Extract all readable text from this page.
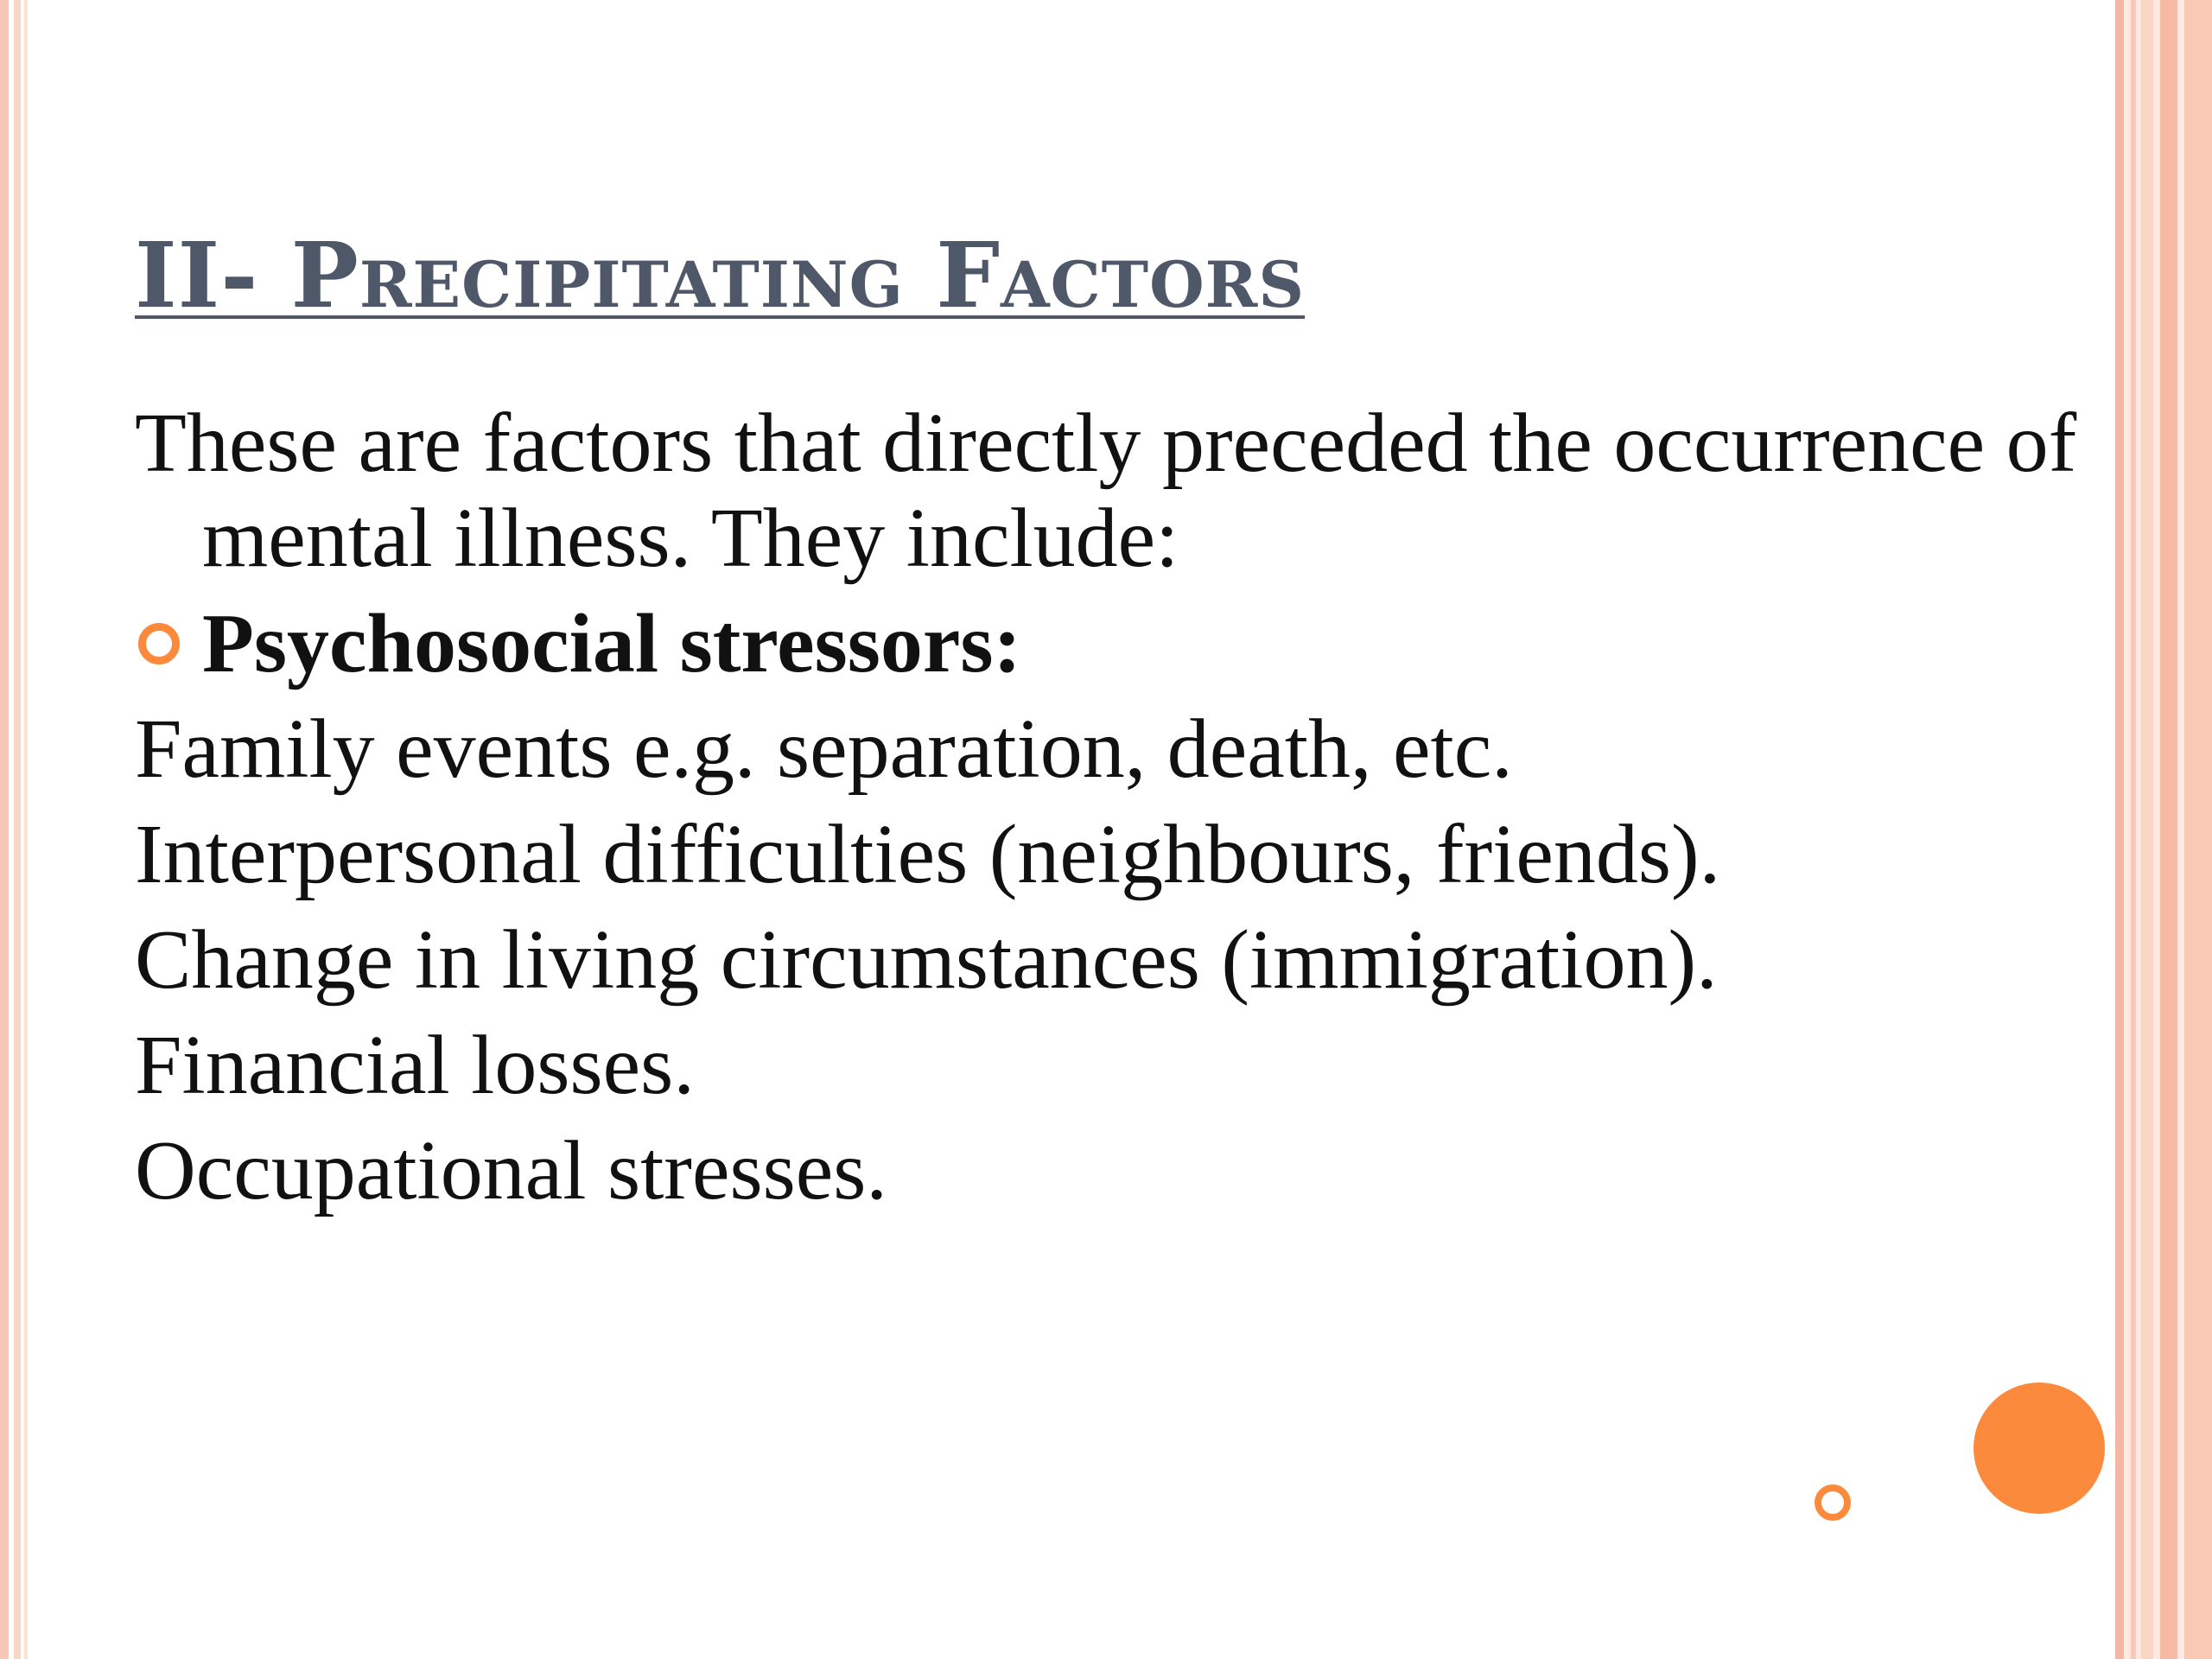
II- Precipitating Factors

These are factors that directly preceded the occurrence of mental illness. They include:

Psychosocial stressors:

Family events e.g. separation, death, etc.

Interpersonal difficulties (neighbours, friends).

Change in living circumstances (immigration).

Financial losses.

Occupational stresses.
